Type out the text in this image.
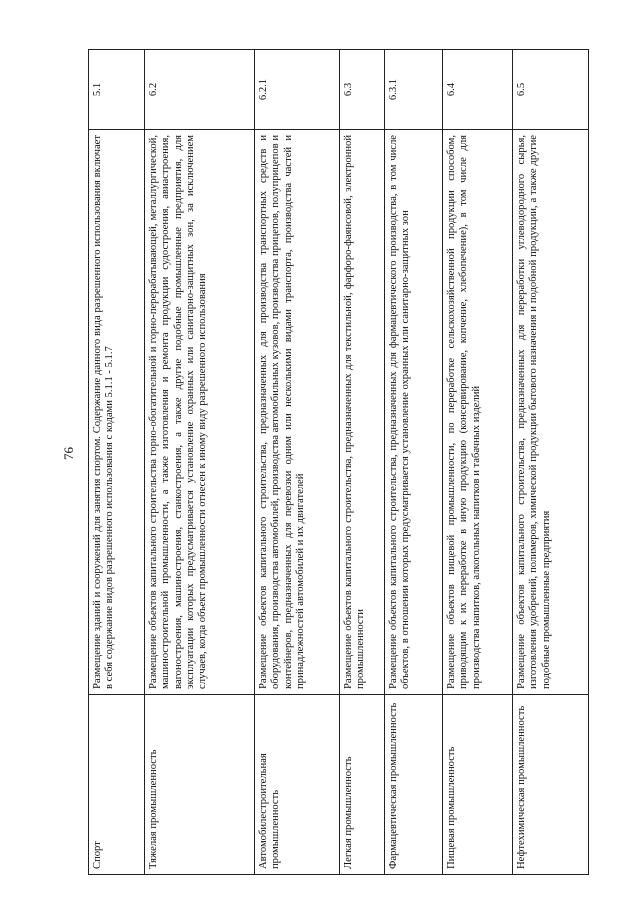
76
Спорт	Размещение зданий и сооружений для занятия спортом. Содержание данного вида разрешенного использования включает в себя содержание видов разрешенного использования с кодами 5.1.1 - 5.1.7	5.1
Тяжелая промышленность	Размещение объектов капитального строительства горно-обогатительной и горно-перерабатывающей, металлургической, машиностроительной промышленности, а также изготовления и ремонта продукции судостроения, авиастроения, вагоностроения, машиностроения, станкостроения, а также другие подобные промышленные предприятия, для эксплуатации которых предусматривается установление охранных или санитарно-защитных зон, за исключением случаев, когда объект промышленности отнесен к иному виду разрешенного использования	6.2
Автомобилестроительная промышленность	Размещение объектов капитального строительства, предназначенных для производства транспортных средств и оборудования, производства автомобилей, производства автомобильных кузовов, производства прицепов, полуприцепов и контейнеров, предназначенных для перевозки одним или несколькими видами транспорта, производства частей и принадлежностей автомобилей и их двигателей	6.2.1
Легкая промышленность	Размещение объектов капитального строительства, предназначенных для текстильной, фарфоро-фаянсовой, электронной промышленности	6.3
Фармацевтическая промышленность	Размещение объектов капитального строительства, предназначенных для фармацевтического производства, в том числе объектов, в отношении которых предусматривается установление охранных или санитарно-защитных зон	6.3.1
Пищевая промышленность	Размещение объектов пищевой промышленности, по переработке сельскохозяйственной продукции способом, приводящим к их переработке в иную продукцию (консервирование, копчение, хлебопечение), в том числе для производства напитков, алкогольных напитков и табачных изделий	6.4
Нефтехимическая промышленность	Размещение объектов капитального строительства, предназначенных для переработки углеводородного сырья, изготовления удобрений, полимеров, химической продукции бытового назначения и подобной продукции, а также другие подобные промышленные предприятия	6.5
